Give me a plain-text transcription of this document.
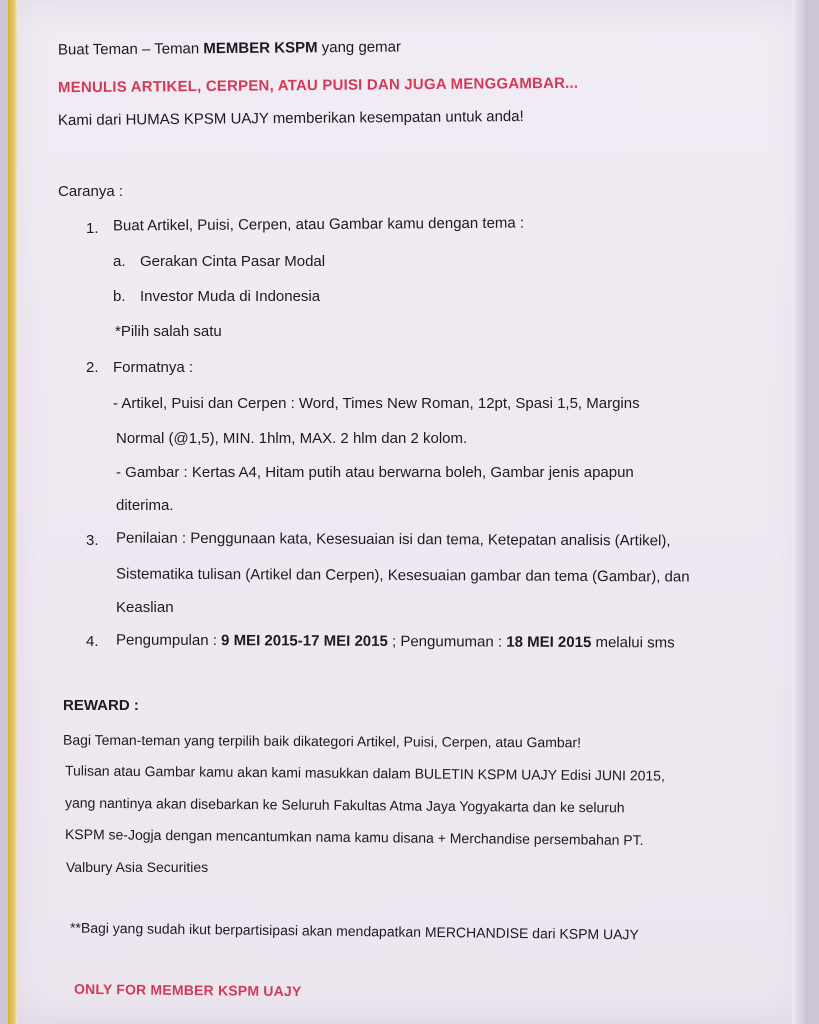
Buat Teman – Teman MEMBER KSPM yang gemar
MENULIS ARTIKEL, CERPEN, ATAU PUISI DAN JUGA MENGGAMBAR...
Kami dari HUMAS KPSM UAJY memberikan kesempatan untuk anda!
Caranya :
1. Buat Artikel, Puisi, Cerpen, atau Gambar kamu dengan tema :
a. Gerakan Cinta Pasar Modal
b. Investor Muda di Indonesia
*Pilih salah satu
2. Formatnya :
- Artikel, Puisi dan Cerpen : Word, Times New Roman, 12pt, Spasi 1,5, Margins
Normal (@1,5), MIN. 1hlm, MAX. 2 hlm dan 2 kolom.
- Gambar : Kertas A4, Hitam putih atau berwarna boleh, Gambar jenis apapun
diterima.
3. Penilaian : Penggunaan kata, Kesesuaian isi dan tema, Ketepatan analisis (Artikel),
Sistematika tulisan (Artikel dan Cerpen), Kesesuaian gambar dan tema (Gambar), dan
Keaslian
4. Pengumpulan : 9 MEI 2015-17 MEI 2015 ; Pengumuman : 18 MEI 2015 melalui sms
REWARD :
Bagi Teman-teman yang terpilih baik dikategori Artikel, Puisi, Cerpen, atau Gambar!
Tulisan atau Gambar kamu akan kami masukkan dalam BULETIN KSPM UAJY Edisi JUNI 2015,
yang nantinya akan disebarkan ke Seluruh Fakultas Atma Jaya Yogyakarta dan ke seluruh
KSPM se-Jogja dengan mencantumkan nama kamu disana + Merchandise persembahan PT.
Valbury Asia Securities
**Bagi yang sudah ikut berpartisipasi akan mendapatkan MERCHANDISE dari KSPM UAJY
ONLY FOR MEMBER KSPM UAJY
